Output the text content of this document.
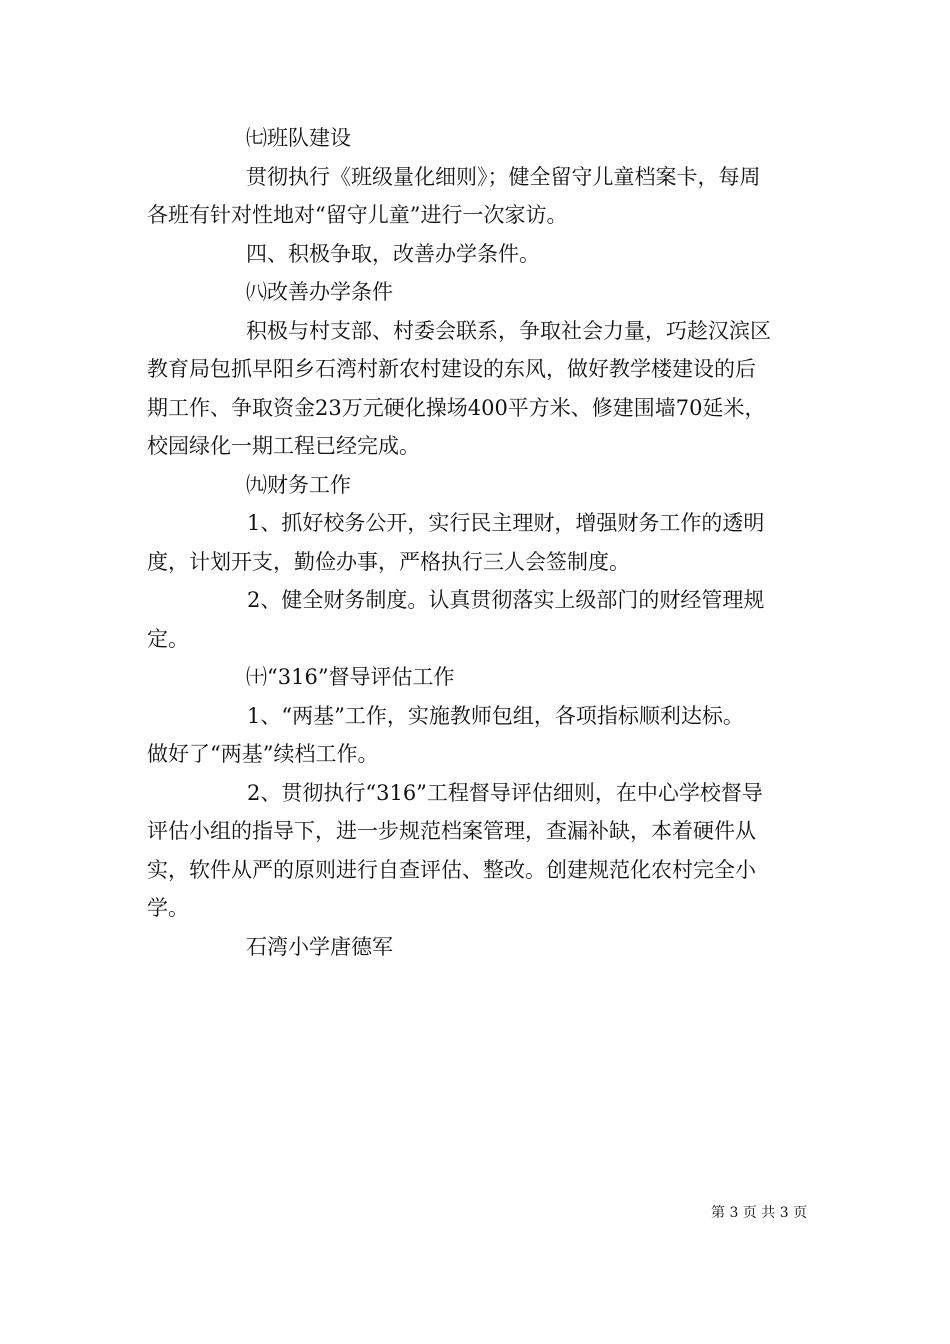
㈦班队建设
贯彻执行《班级量化细则》；健全留守儿童档案卡，每周
各班有针对性地对“留守儿童”进行一次家访。
四、积极争取，改善办学条件。
㈧改善办学条件
积极与村支部、村委会联系，争取社会力量，巧趁汉滨区
教育局包抓早阳乡石湾村新农村建设的东风，做好教学楼建设的后
期工作、争取资金23万元硬化操场400平方米、修建围墙70延米，
校园绿化一期工程已经完成。
㈨财务工作
1、抓好校务公开，实行民主理财，增强财务工作的透明
度，计划开支，勤俭办事，严格执行三人会签制度。
2、健全财务制度。认真贯彻落实上级部门的财经管理规
定。
㈩“316”督导评估工作
1、“两基”工作，实施教师包组，各项指标顺利达标。
做好了“两基”续档工作。
2、贯彻执行“316”工程督导评估细则，在中心学校督导
评估小组的指导下，进一步规范档案管理，查漏补缺，本着硬件从
实，软件从严的原则进行自查评估、整改。创建规范化农村完全小
学。
石湾小学唐德军
第 3 页 共 3 页
